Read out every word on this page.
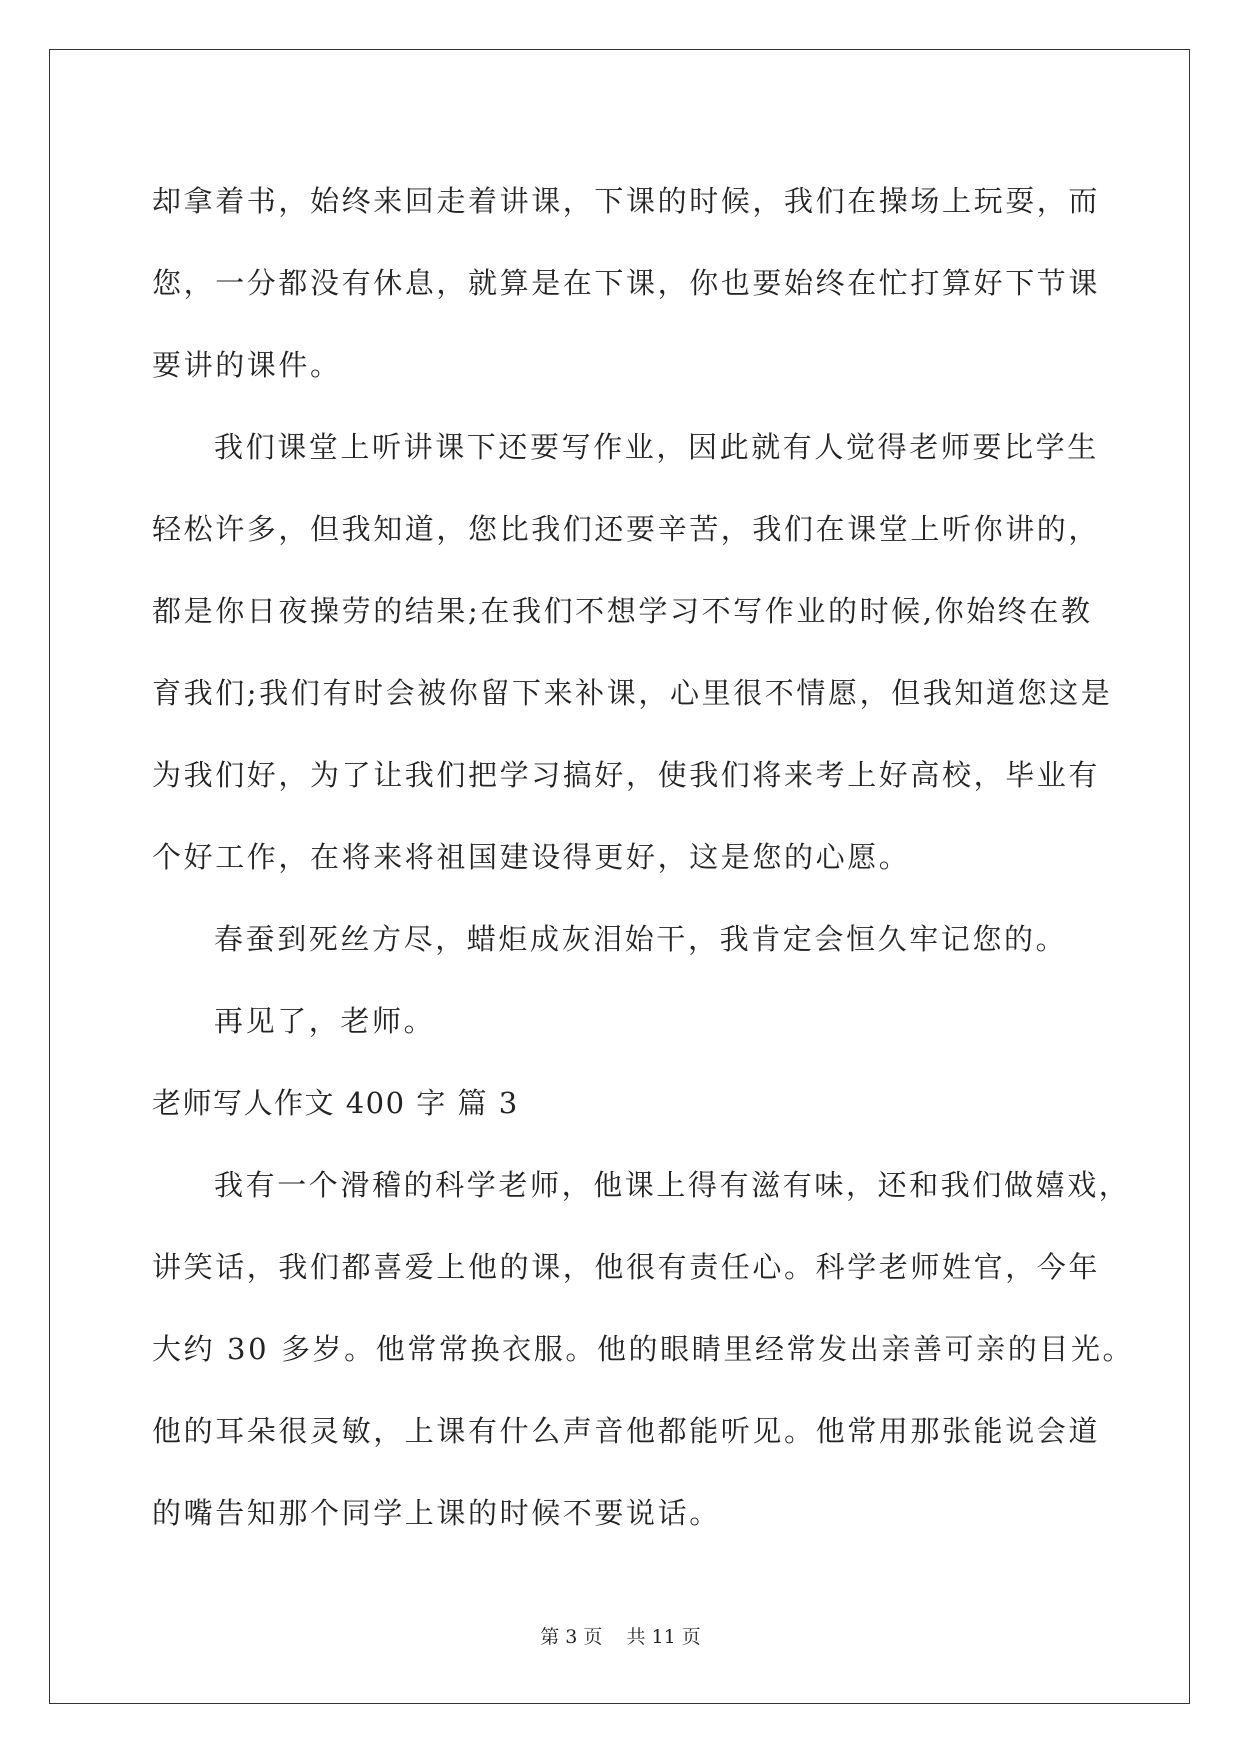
却拿着书，始终来回走着讲课，下课的时候，我们在操场上玩耍，而
您，一分都没有休息，就算是在下课，你也要始终在忙打算好下节课
要讲的课件。
我们课堂上听讲课下还要写作业，因此就有人觉得老师要比学生
轻松许多，但我知道，您比我们还要辛苦，我们在课堂上听你讲的，
都是你日夜操劳的结果;在我们不想学习不写作业的时候,你始终在教
育我们;我们有时会被你留下来补课，心里很不情愿，但我知道您这是
为我们好，为了让我们把学习搞好，使我们将来考上好高校，毕业有
个好工作，在将来将祖国建设得更好，这是您的心愿。
春蚕到死丝方尽，蜡炬成灰泪始干，我肯定会恒久牢记您的。
再见了，老师。
老师写人作文 400 字 篇 3
我有一个滑稽的科学老师，他课上得有滋有味，还和我们做嬉戏，
讲笑话，我们都喜爱上他的课，他很有责任心。科学老师姓官，今年
大约 30 多岁。他常常换衣服。他的眼睛里经常发出亲善可亲的目光。
他的耳朵很灵敏，上课有什么声音他都能听见。他常用那张能说会道
的嘴告知那个同学上课的时候不要说话。
第 3 页 共 11 页
